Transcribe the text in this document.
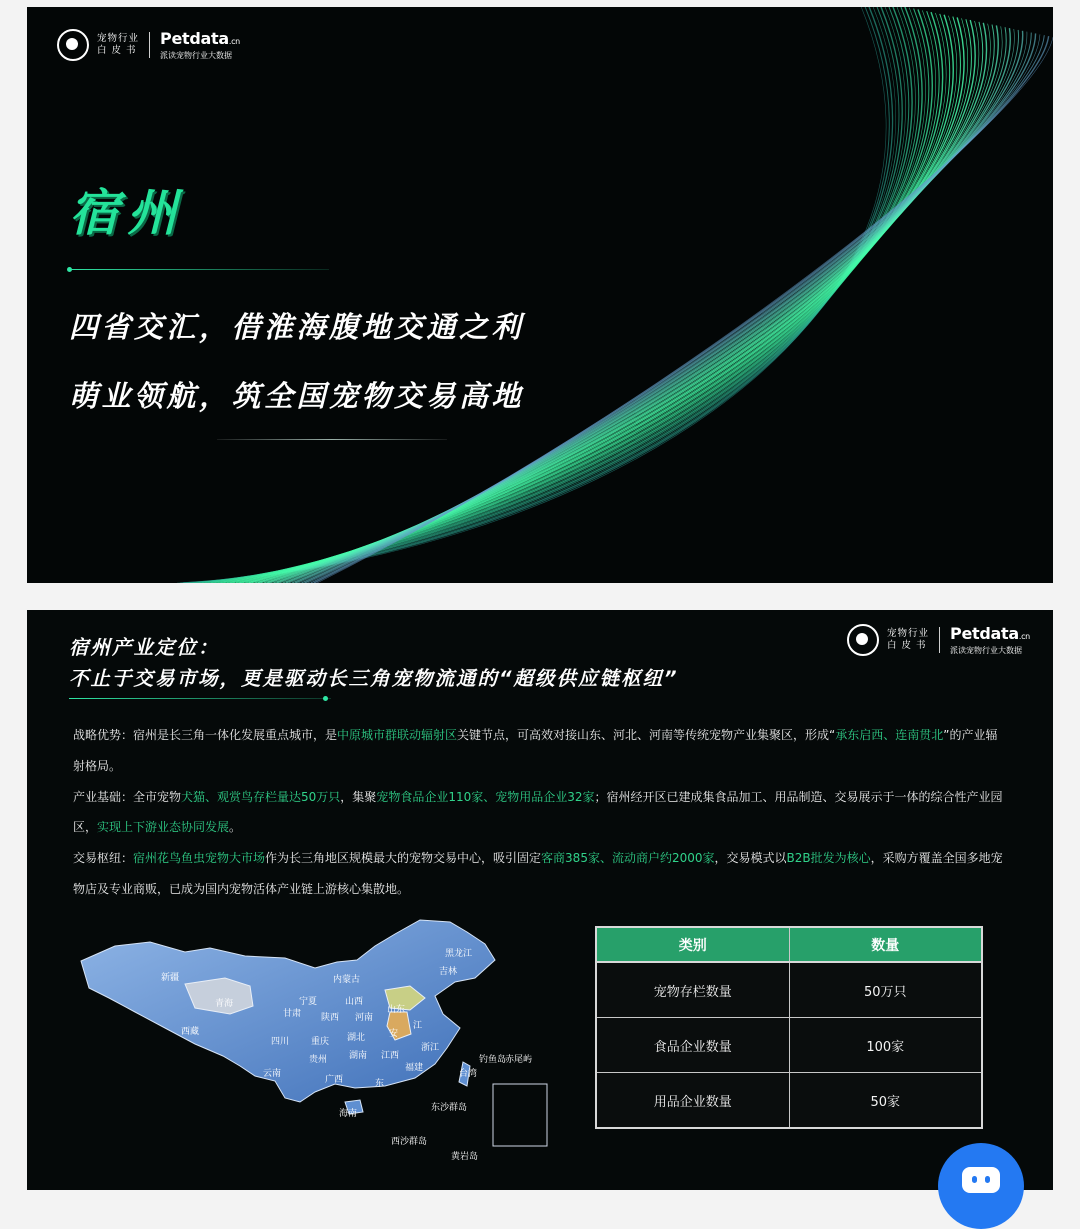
宠物行业
白 皮 书
Petdata.cn
派读宠物行业大数据
宿州

四省交汇，借淮海腹地交通之利

萌业领航，筑全国宠物交易高地

宿州产业定位：
不止于交易市场，更是驱动长三角宠物流通的“超级供应链枢纽”
宠物行业
白 皮 书
Petdata.cn
派读宠物行业大数据

战略优势：宿州是长三角一体化发展重点城市，是中原城市群联动辐射区关键节点，可高效对接山东、河北、河南等传统宠物产业集聚区，形成“承东启西、连南贯北”的产业辐射格局。

产业基础：全市宠物犬猫、观赏鸟存栏量达50万只，集聚宠物食品企业110家、宠物用品企业32家；宿州经开区已建成集食品加工、用品制造、交易展示于一体的综合性产业园区，实现上下游业态协同发展。

交易枢纽：宿州花鸟鱼虫宠物大市场作为长三角地区规模最大的宠物交易中心，吸引固定客商385家、流动商户约2000家，交易模式以B2B批发为核心，采购方覆盖全国多地宠物店及专业商贩，已成为国内宠物活体产业链上游核心集散地。

新疆
西藏
青海
甘肃
内蒙古
宁夏
陕西
山西
黑龙江
吉林
山东
河南
四川 重庆 湖北
湖南
贵州
云南
广西
江西
江
安
浙江
福建
东
台湾
海南
钓鱼岛
赤尾屿
东沙群岛
西沙群岛
黄岩岛
类别	数量
宠物存栏数量	50万只
食品企业数量	100家
用品企业数量	50家
